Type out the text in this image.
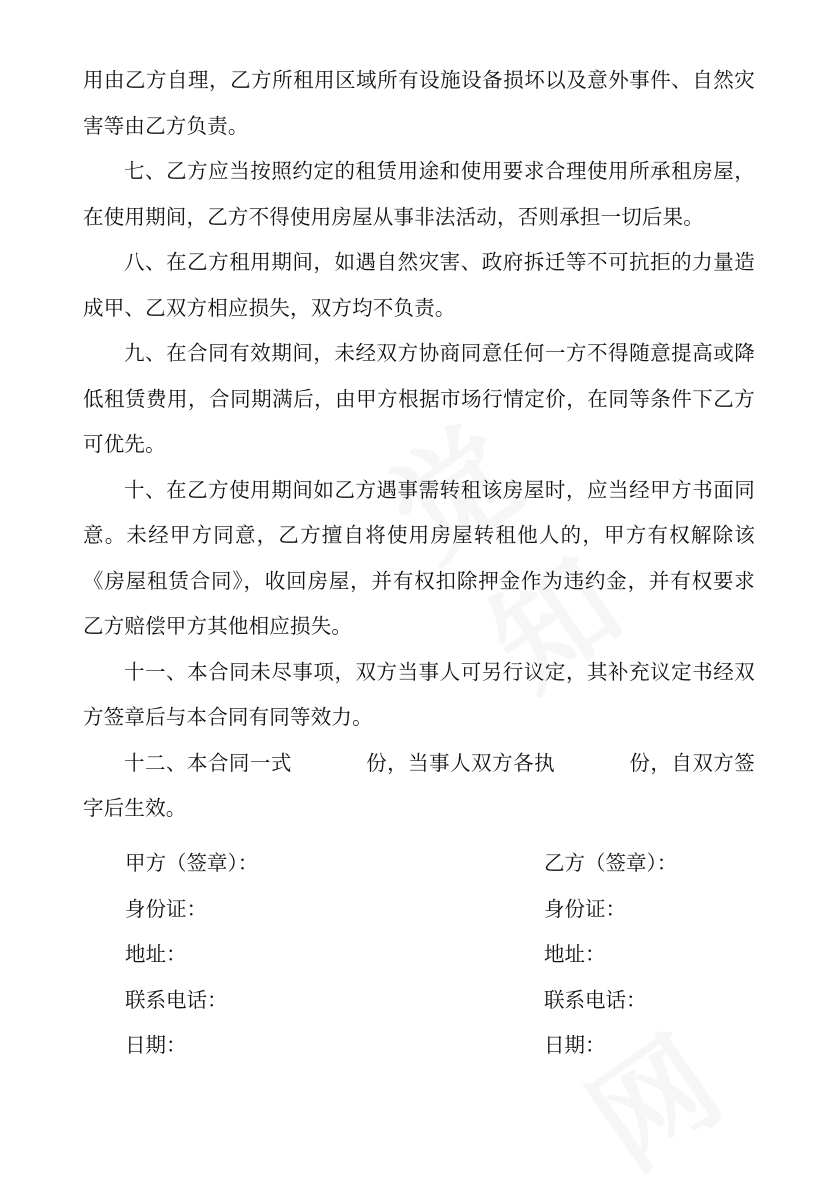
用由乙方自理，乙方所租用区域所有设施设备损坏以及意外事件、自然灾害等由乙方负责。

七、乙方应当按照约定的租赁用途和使用要求合理使用所承租房屋，在使用期间，乙方不得使用房屋从事非法活动，否则承担一切后果。

八、在乙方租用期间，如遇自然灾害、政府拆迁等不可抗拒的力量造成甲、乙双方相应损失，双方均不负责。

九、在合同有效期间，未经双方协商同意任何一方不得随意提高或降低租赁费用，合同期满后，由甲方根据市场行情定价，在同等条件下乙方可优先。

十、在乙方使用期间如乙方遇事需转租该房屋时，应当经甲方书面同意。未经甲方同意，乙方擅自将使用房屋转租他人的，甲方有权解除该《房屋租赁合同》，收回房屋，并有权扣除押金作为违约金，并有权要求乙方赔偿甲方其他相应损失。

十一、本合同未尽事项，双方当事人可另行议定，其补充议定书经双方签章后与本合同有同等效力。

十二、本合同一式	份，当事人双方各执	份，自双方签字后生效。

甲方（签章）：	乙方（签章）：
身份证：	身份证：
地址：	地址：
联系电话：	联系电话：
日期：	日期：
